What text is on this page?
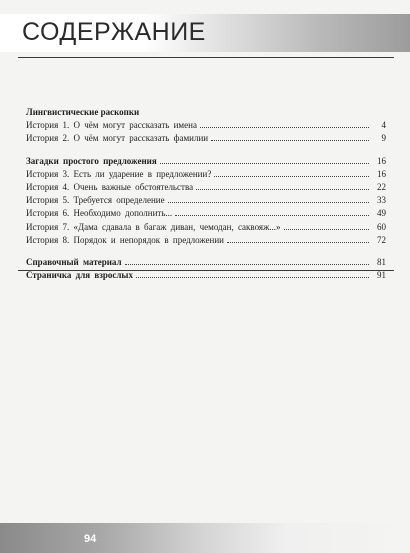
СОДЕРЖАНИЕ
Лингвистические раскопки
История 1. О чём могут рассказать имена	4
История 2. О чём могут рассказать фамилии	9
Загадки простого предложения	16
История 3. Есть ли ударение в предложении?	16
История 4. Очень важные обстоятельства	22
История 5. Требуется определение	33
История 6. Необходимо дополнить...	49
История 7. «Дама сдавала в багаж диван, чемодан, саквояж...»	60
История 8. Порядок и непорядок в предложении	72
Справочный материал	81
Страничка для взрослых	91
94
